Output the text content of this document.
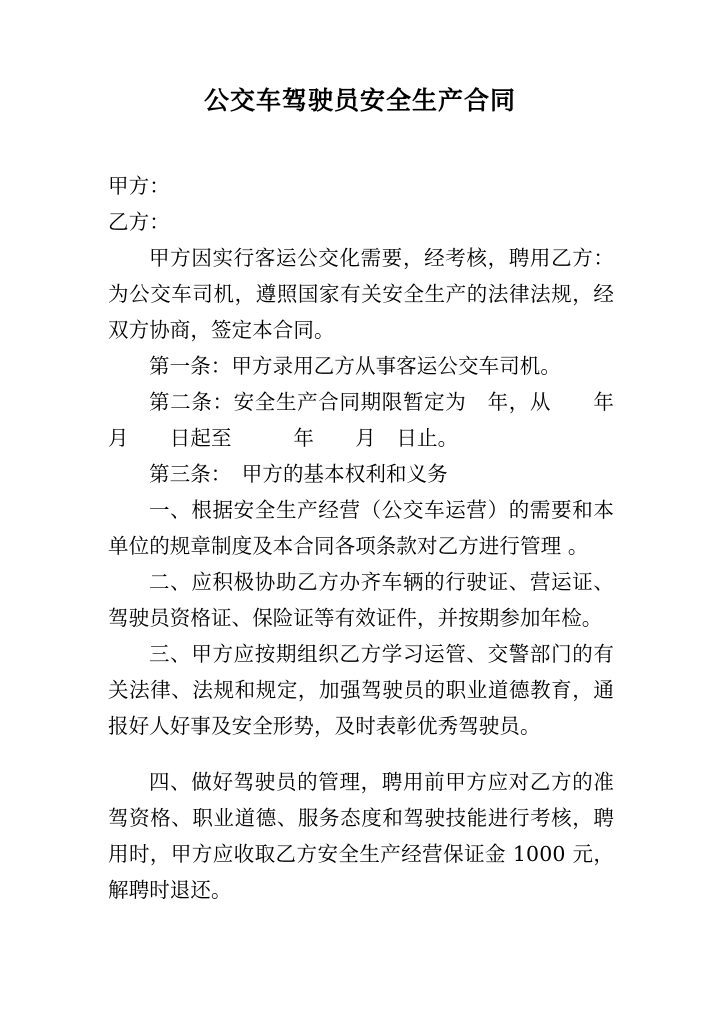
公交车驾驶员安全生产合同

甲方：

乙方：

甲方因实行客运公交化需要，经考核，聘用乙方：为公交车司机，遵照国家有关安全生产的法律法规，经双方协商，签定本合同。

第一条：甲方录用乙方从事客运公交车司机。

第二条：安全生产合同期限暂定为　年，从　　年　月　　日起至　　　年　　月　日止。

第三条：　甲方的基本权利和义务

一、根据安全生产经营（公交车运营）的需要和本单位的规章制度及本合同各项条款对乙方进行管理 。

二、应积极协助乙方办齐车辆的行驶证、营运证、驾驶员资格证、保险证等有效证件，并按期参加年检。

三、甲方应按期组织乙方学习运管、交警部门的有关法律、法规和规定，加强驾驶员的职业道德教育，通报好人好事及安全形势，及时表彰优秀驾驶员。

四、做好驾驶员的管理，聘用前甲方应对乙方的准驾资格、职业道德、服务态度和驾驶技能进行考核，聘用时，甲方应收取乙方安全生产经营保证金 1000 元，解聘时退还。
